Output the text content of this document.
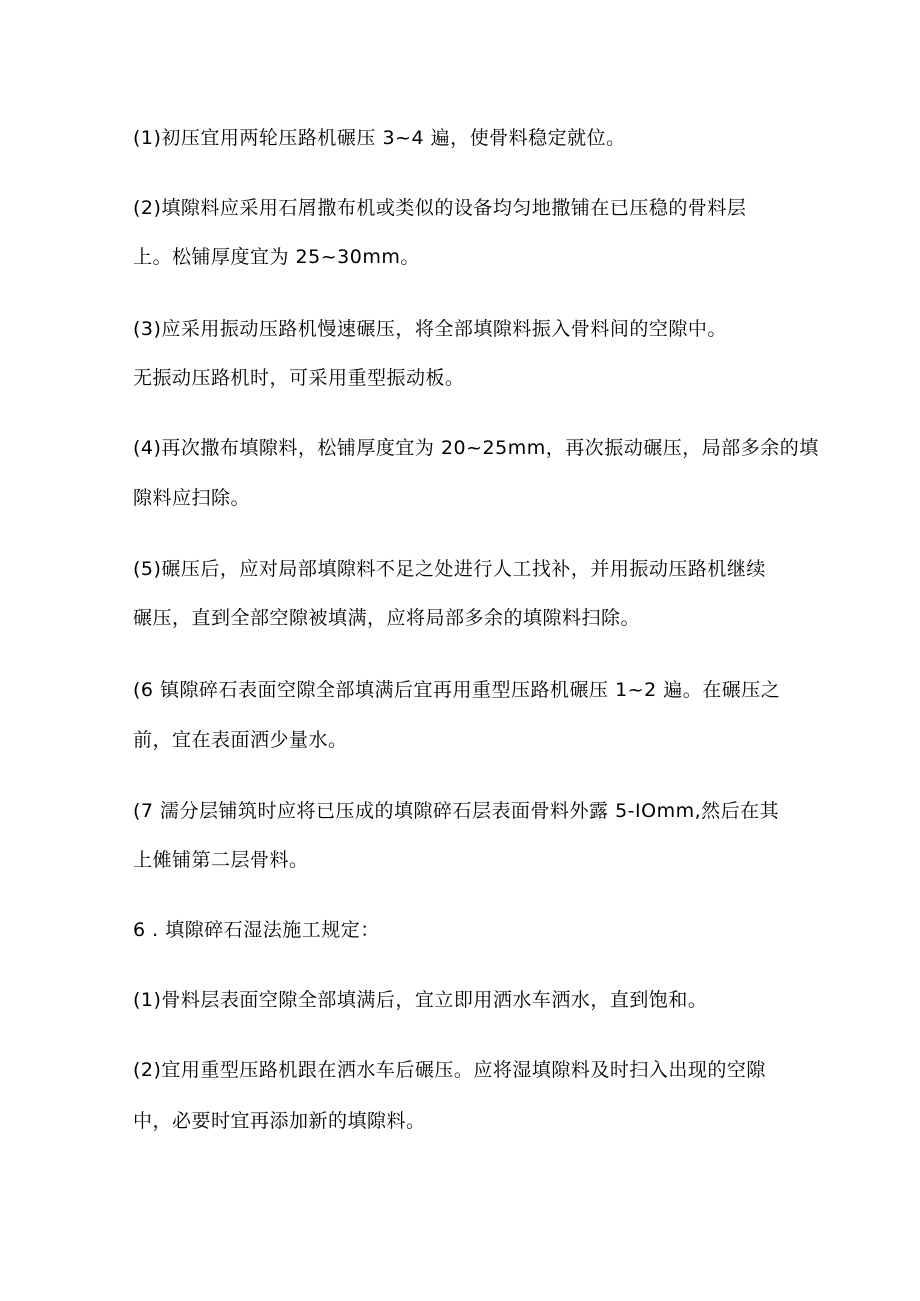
(1)初压宜用两轮压路机碾压 3~4 遍，使骨料稳定就位。
(2)填隙料应采用石屑撒布机或类似的设备均匀地撒铺在已压稳的骨料层
上。松铺厚度宜为 25~30mm。
(3)应采用振动压路机慢速碾压，将全部填隙料振入骨料间的空隙中。
无振动压路机时，可采用重型振动板。
(4)再次撒布填隙料，松铺厚度宜为 20~25mm，再次振动碾压，局部多余的填
隙料应扫除。
(5)碾压后，应对局部填隙料不足之处进行人工找补，并用振动压路机继续
碾压，直到全部空隙被填满，应将局部多余的填隙料扫除。
(6 镇隙碎石表面空隙全部填满后宜再用重型压路机碾压 1~2 遍。在碾压之
前，宜在表面洒少量水。
(7 濡分层铺筑时应将已压成的填隙碎石层表面骨料外露 5-IOmm,然后在其
上傩铺第二层骨料。
6 . 填隙碎石湿法施工规定：
(1)骨料层表面空隙全部填满后，宜立即用洒水车洒水，直到饱和。
(2)宜用重型压路机跟在洒水车后碾压。应将湿填隙料及时扫入出现的空隙
中，必要时宜再添加新的填隙料。
